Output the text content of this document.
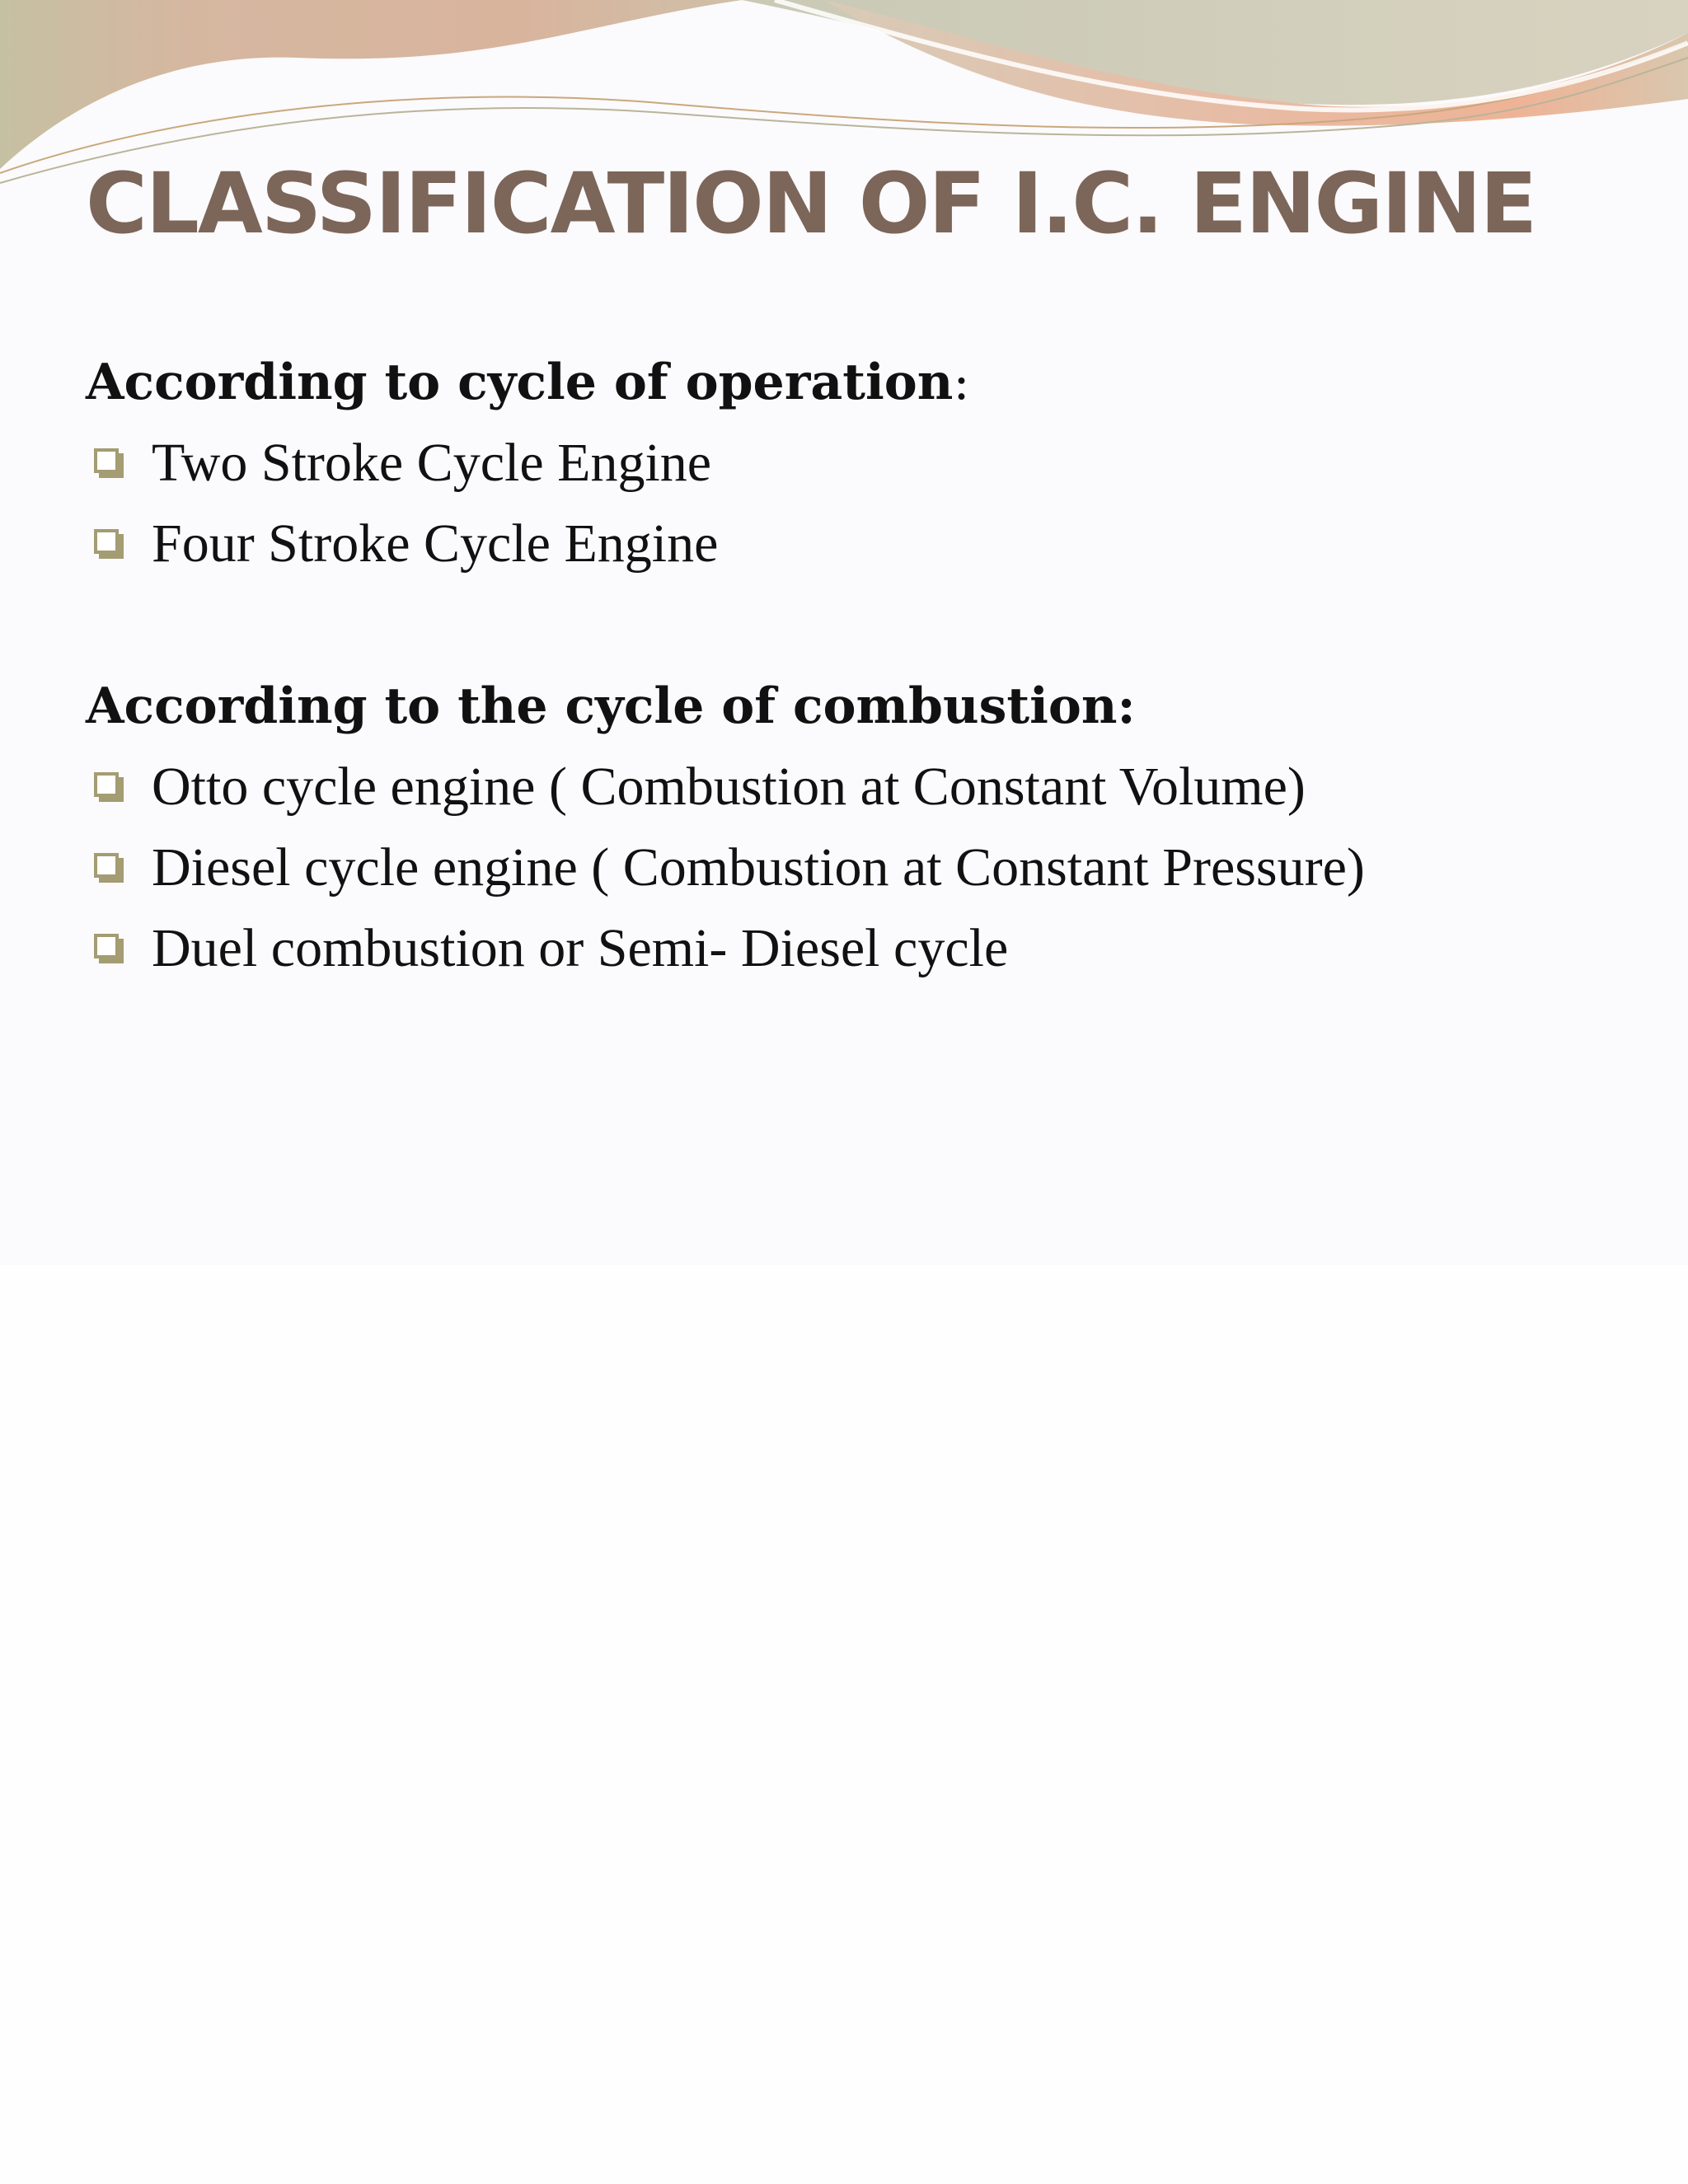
CLASSIFICATION OF I.C. ENGINE

According to cycle of operation:

Two Stroke Cycle Engine
Four Stroke Cycle Engine

According to the cycle of combustion:

Otto cycle engine ( Combustion at Constant Volume)
Diesel cycle engine ( Combustion at Constant Pressure)
Duel combustion or Semi- Diesel cycle
